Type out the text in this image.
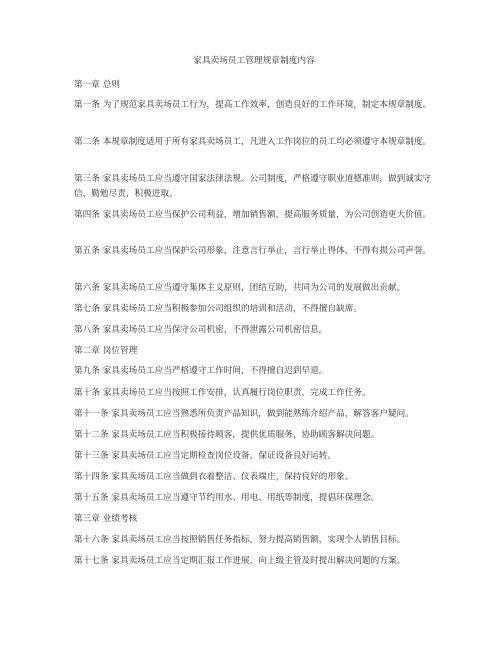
家具卖场员工管理规章制度内容
第一章 总则
第一条 为了规范家具卖场员工行为，提高工作效率，创造良好的工作环境，制定本规章制度。
第二条 本规章制度适用于所有家具卖场员工，凡进入工作岗位的员工均必须遵守本规章制度。
第三条 家具卖场员工应当遵守国家法律法规、公司制度，严格遵守职业道德准则，做到诚实守信，勤勉尽责，积极进取。
第四条 家具卖场员工应当保护公司利益，增加销售额，提高服务质量，为公司创造更大价值。
第五条 家具卖场员工应当保护公司形象，注意言行举止，言行举止得体，不得有损公司声誉。
第六条 家具卖场员工应当遵守集体主义原则，团结互助，共同为公司的发展做出贡献。
第七条 家具卖场员工应当积极参加公司组织的培训和活动，不得擅自缺席。
第八条 家具卖场员工应当保守公司机密，不得泄露公司机密信息。
第二章 岗位管理
第九条 家具卖场员工应当严格遵守工作时间，不得擅自迟到早退。
第十条 家具卖场员工应当按照工作安排，认真履行岗位职责，完成工作任务。
第十一条 家具卖场员工应当熟悉所负责产品知识，做到能熟练介绍产品，解答客户疑问。
第十二条 家具卖场员工应当积极接待顾客，提供优质服务，协助顾客解决问题。
第十三条 家具卖场员工应当定期检查岗位设备，保证设备良好运转。
第十四条 家具卖场员工应当做到衣着整洁、仪表端庄，保持良好的形象。
第十五条 家具卖场员工应当遵守节约用水、用电、用纸等制度，提倡环保理念。
第三章 业绩考核
第十六条 家具卖场员工应当按照销售任务指标，努力提高销售额，实现个人销售目标。
第十七条 家具卖场员工应当定期汇报工作进展，向上级主管及时提出解决问题的方案。
